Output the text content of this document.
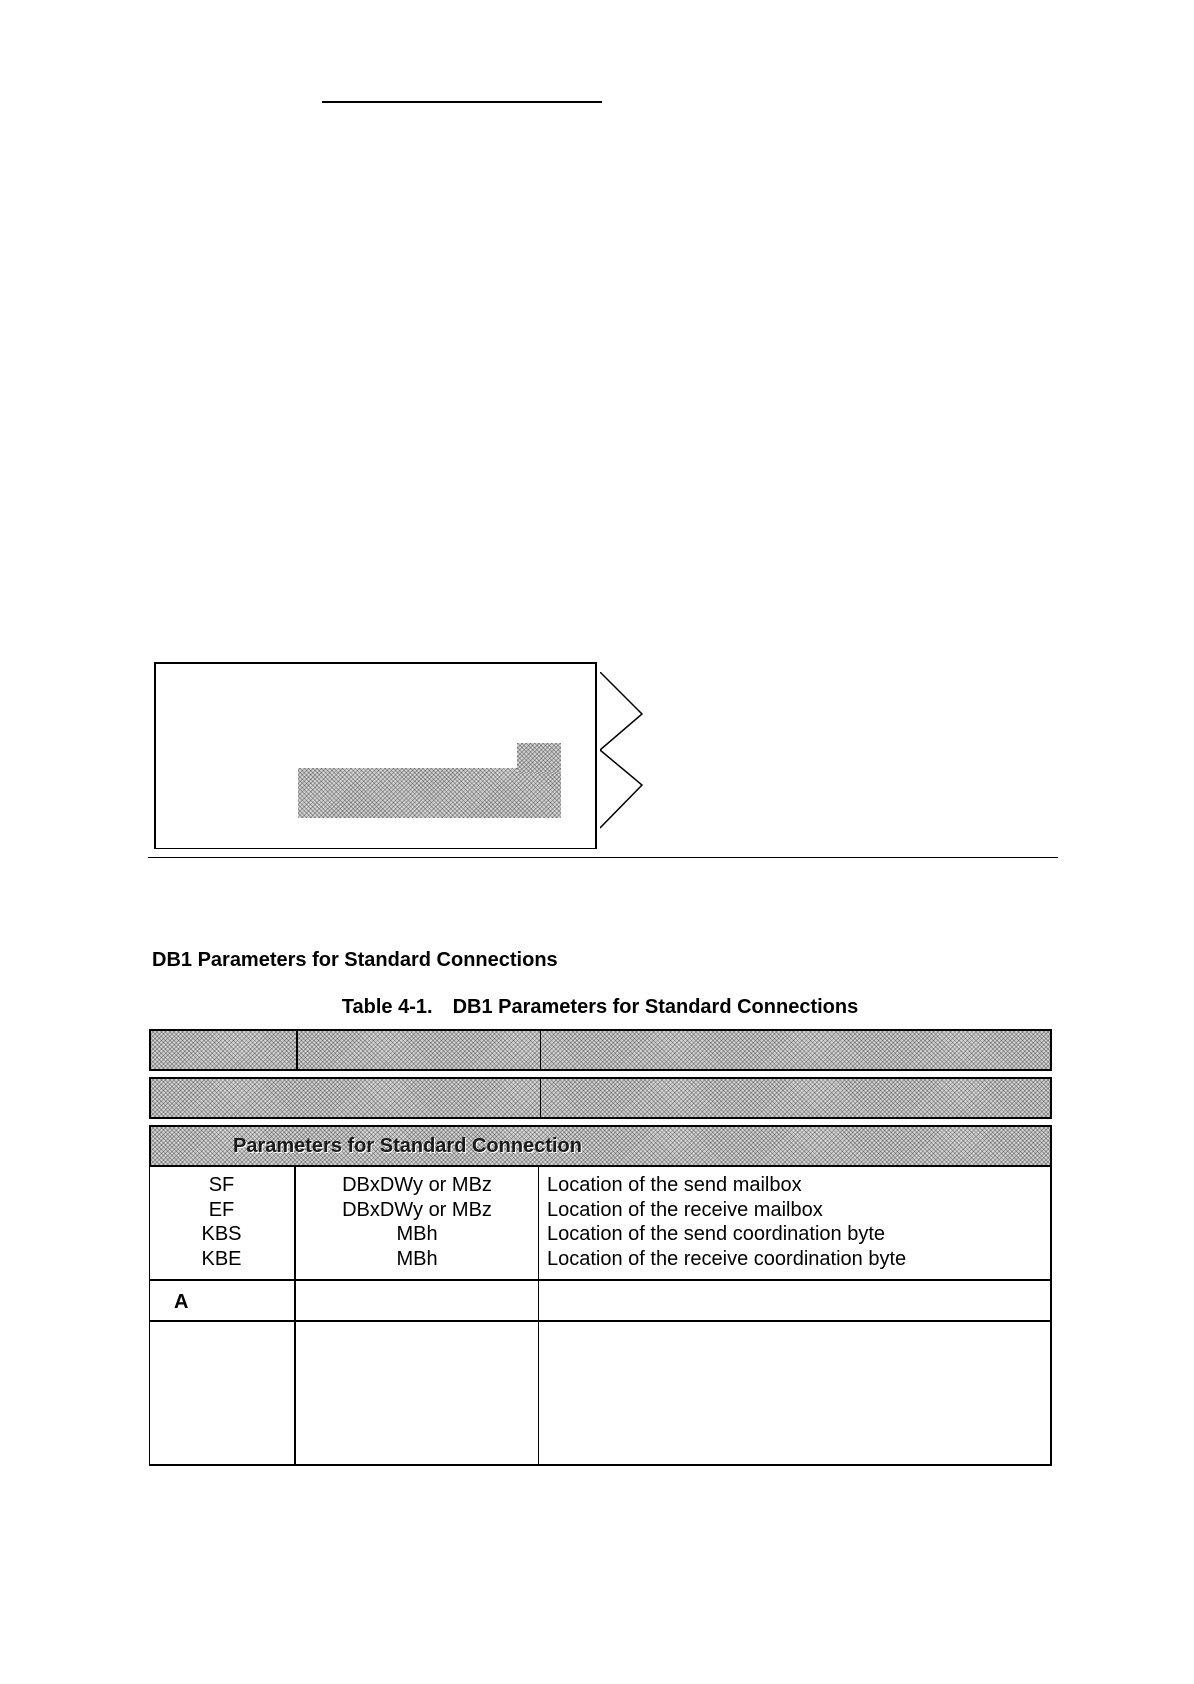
DB1 Parameters for Standard Connections
Table 4-1. DB1 Parameters for Standard Connections
Parameters for Standard Connection
SF
EF
KBS
KBE
DBxDWy or MBz
DBxDWy or MBz
MBh
MBh
Location of the send mailbox
Location of the receive mailbox
Location of the send coordination byte
Location of the receive coordination byte
A
